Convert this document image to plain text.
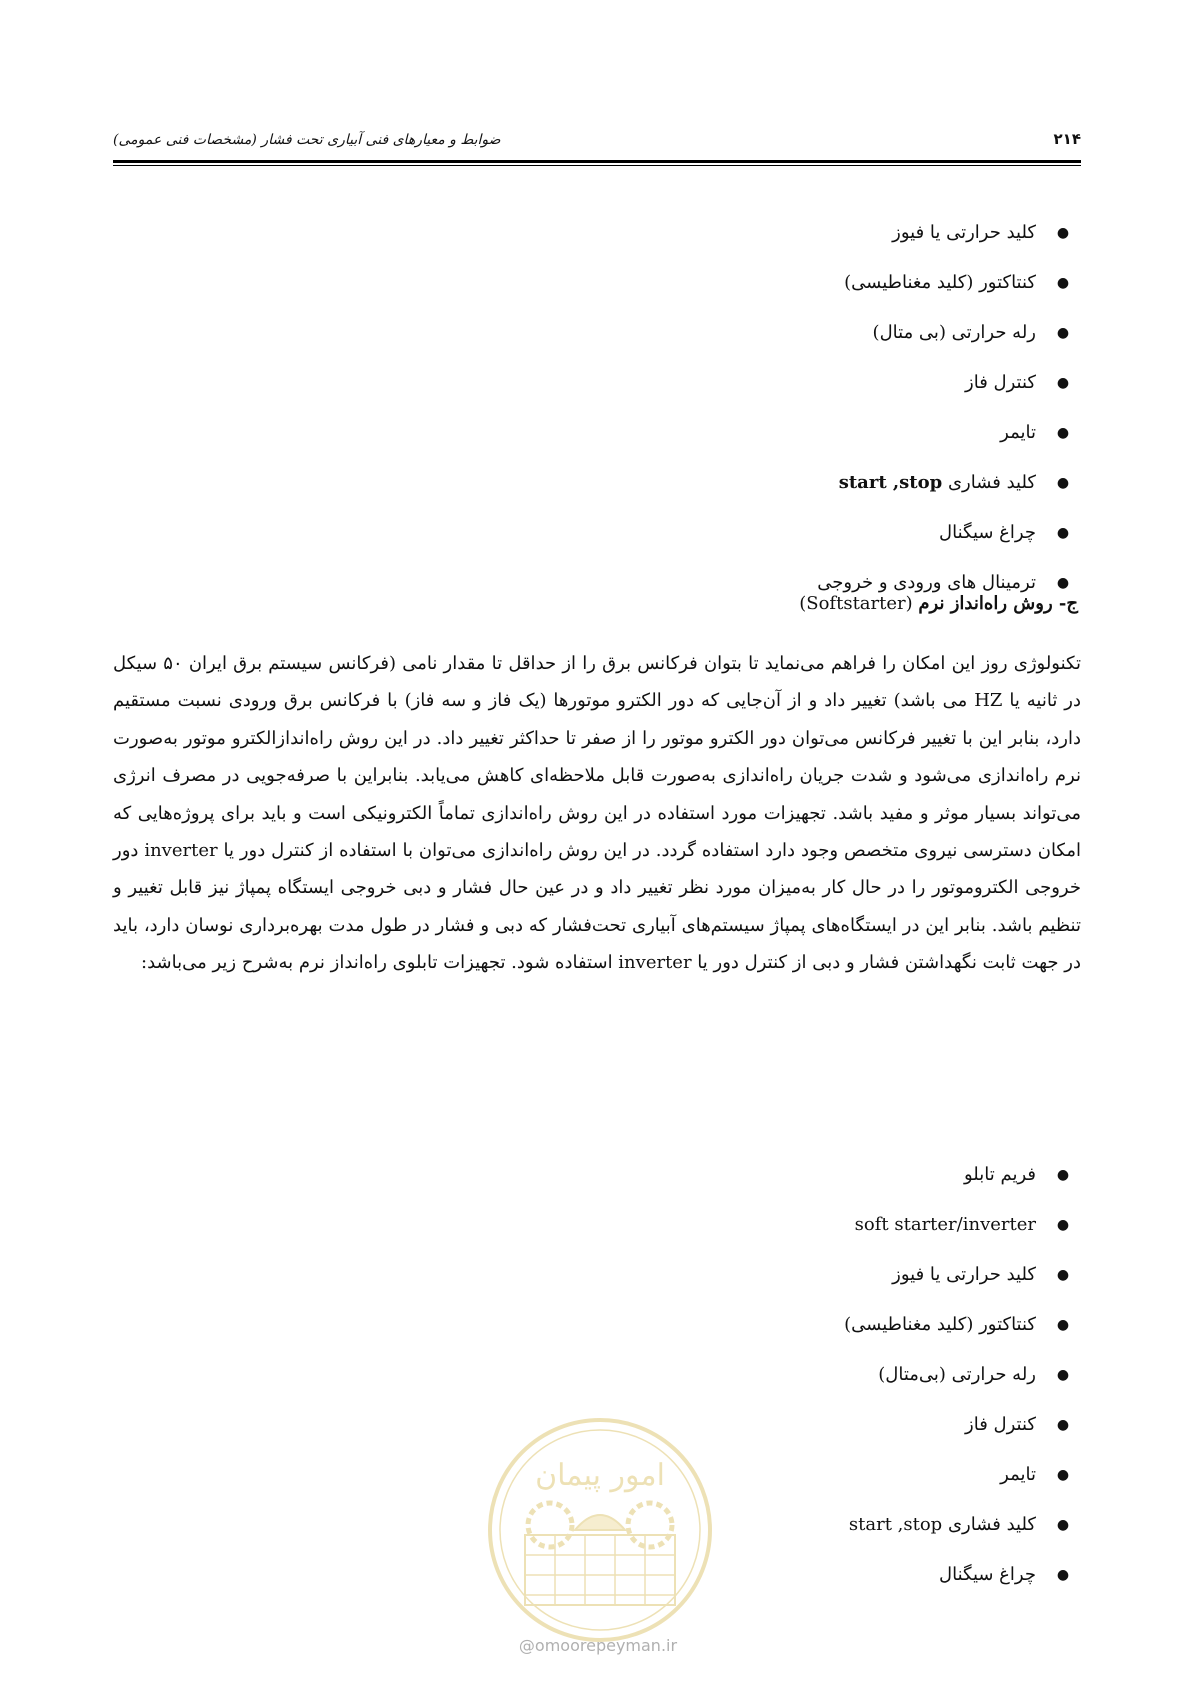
۲۱۴
ضوابط و معیارهای فنی آبیاری تحت فشار (مشخصات فنی عمومی)
●
کلید حرارتی یا فیوز
●
کنتاکتور (کلید مغناطیسی)
●
رله حرارتی (بی متال)
●
کنترل فاز
●
تایمر
●
کلید فشاری start ,stop
●
چراغ سیگنال
●
ترمینال های ورودی و خروجی
ج- روش راه‌انداز نرم (Softstarter)
تکنولوژی روز این امکان را فراهم می‌نماید تا بتوان فرکانس برق را از حداقل تا مقدار نامی (فرکانس سیستم برق ایران ۵۰ سیکل در ثانیه یا HZ می باشد) تغییر داد و از آن‌جایی که دور الکترو موتورها (یک فاز و سه فاز) با فرکانس برق ورودی نسبت مستقیم دارد، بنابر این با تغییر فرکانس می‌توان دور الکترو موتور را از صفر تا حداکثر تغییر داد. در این روش راه‌اندازالکترو موتور به‌صورت نرم راه‌اندازی می‌شود و شدت جریان راه‌اندازی به‌صورت قابل ملاحظه‌ای کاهش می‌یابد. بنابراین با صرفه‌جویی در مصرف انرژی می‌تواند بسیار موثر و مفید باشد. تجهیزات مورد استفاده در این روش راه‌اندازی تماماً الکترونیکی است و باید برای پروژه‌هایی که امکان دسترسی نیروی متخصص وجود دارد استفاده گردد. در این روش راه‌اندازی می‌توان با استفاده از کنترل دور یا inverter دور خروجی الکتروموتور را در حال کار به‌میزان مورد نظر تغییر داد و در عین حال فشار و دبی خروجی ایستگاه پمپاژ نیز قابل تغییر و تنظیم باشد. بنابر این در ایستگاه‌های پمپاژ سیستم‌های آبیاری تحت‌فشار که دبی و فشار در طول مدت بهره‌برداری نوسان دارد، باید در جهت ثابت نگهداشتن فشار و دبی از کنترل دور یا inverter استفاده شود. تجهیزات تابلوی راه‌انداز نرم به‌شرح زیر می‌باشد:
●
فریم تابلو
●
soft starter/inverter
●
کلید حرارتی یا فیوز
●
کنتاکتور (کلید مغناطیسی)
●
رله حرارتی (بی‌متال)
●
کنترل فاز
●
تایمر
●
کلید فشاری start ,stop
●
چراغ سیگنال
امور پیمان
@omoorepeyman.ir
